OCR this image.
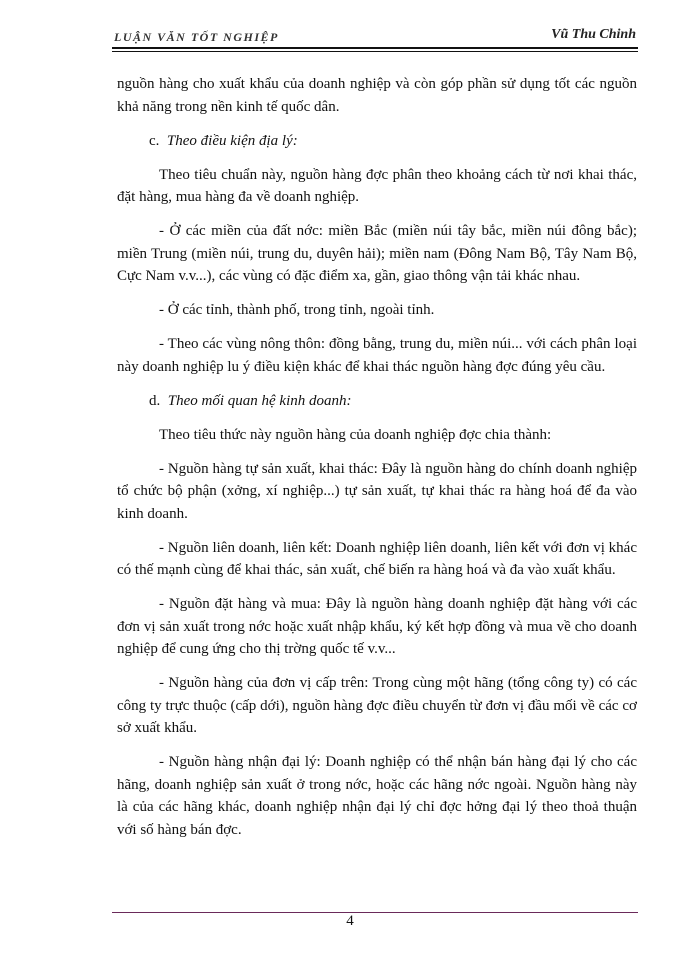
LUẬN VĂN TỐT NGHIỆP	Vũ Thu Chinh

nguồn hàng cho xuất khẩu của doanh nghiệp và còn góp phần sử dụng tốt các nguồn khả năng trong nền kinh tế quốc dân.

c. Theo điều kiện địa lý:

Theo tiêu chuẩn này, nguồn hàng đợc phân theo khoảng cách từ nơi khai thác, đặt hàng, mua hàng đa về doanh nghiệp.

- Ở các miền của đất nớc: miền Bắc (miền núi tây bắc, miền núi đông bắc); miền Trung (miền núi, trung du, duyên hải); miền nam (Đông Nam Bộ, Tây Nam Bộ, Cực Nam v.v...), các vùng có đặc điểm xa, gần, giao thông vận tải khác nhau.

- Ở các tỉnh, thành phố, trong tỉnh, ngoài tỉnh.

- Theo các vùng nông thôn: đồng bằng, trung du, miền núi... với cách phân loại này doanh nghiệp lu ý điều kiện khác để khai thác nguồn hàng đợc đúng yêu cầu.

d. Theo mối quan hệ kinh doanh:

Theo tiêu thức này nguồn hàng của doanh nghiệp đợc chia thành:

- Nguồn hàng tự sản xuất, khai thác: Đây là nguồn hàng do chính doanh nghiệp tổ chức bộ phận (xởng, xí nghiệp...) tự sản xuất, tự khai thác ra hàng hoá để đa vào kinh doanh.

- Nguồn liên doanh, liên kết: Doanh nghiệp liên doanh, liên kết với đơn vị khác có thế mạnh cùng để khai thác, sản xuất, chế biến ra hàng hoá và đa vào xuất khẩu.

- Nguồn đặt hàng và mua: Đây là nguồn hàng doanh nghiệp đặt hàng với các đơn vị sản xuất trong nớc hoặc xuất nhập khẩu, ký kết hợp đồng và mua về cho doanh nghiệp để cung ứng cho thị trờng quốc tế v.v...

- Nguồn hàng của đơn vị cấp trên: Trong cùng một hãng (tổng công ty) có các công ty trực thuộc (cấp dới), nguồn hàng đợc điều chuyển từ đơn vị đầu mối về các cơ sở xuất khẩu.

- Nguồn hàng nhận đại lý: Doanh nghiệp có thể nhận bán hàng đại lý cho các hãng, doanh nghiệp sản xuất ở trong nớc, hoặc các hãng nớc ngoài. Nguồn hàng này là của các hãng khác, doanh nghiệp nhận đại lý chỉ đợc hởng đại lý theo thoả thuận với số hàng bán đợc.

4
